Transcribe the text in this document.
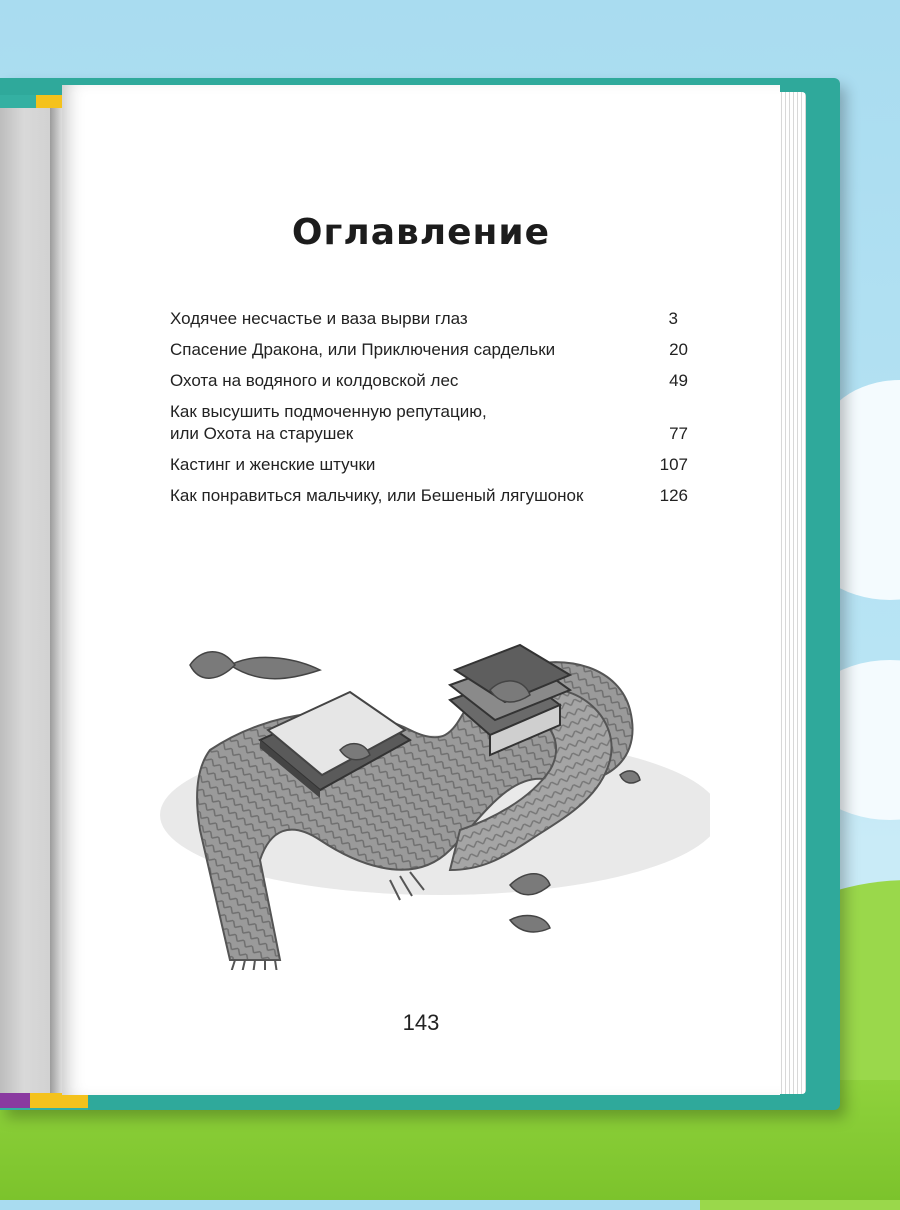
Оглавление
Ходячее несчастье и ваза вырви глаз	3
Спасение Дракона, или Приключения сардельки	20
Охота на водяного и колдовской лес	49
Как высушить подмоченную репутацию,
или Охота на старушек	77
Кастинг и женские штучки	107
Как понравиться мальчику, или Бешеный лягушонок	126
143
